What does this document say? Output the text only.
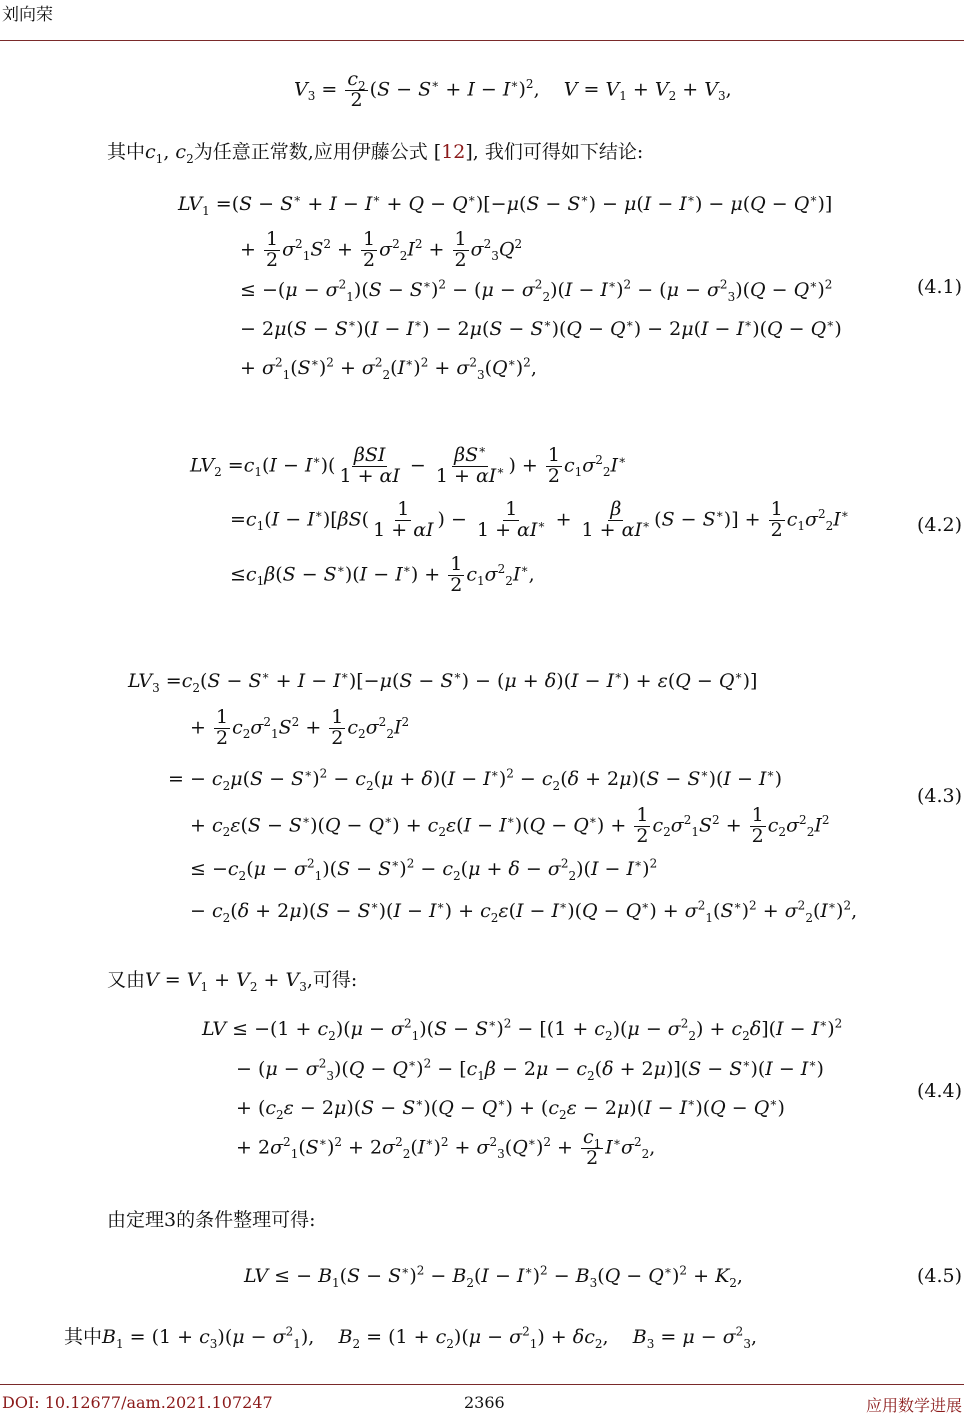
刘向荣
$V_3 = \frac{c_2}{2} (S - S^∗ + I - I^∗)^2$,    $V = V_1 + V_2 + V_3$,
其中$c_1$, $c_2$为任意正常数,应用伊藤公式 [12], 我们可得如下结论:
$LV_1 =(S - S^∗ + I - I^∗ + Q - Q^∗)[-\mu(S - S^∗) - \mu(I - I^∗) - \mu(Q - Q^∗)]$
+ $\frac{1}{2} \sigma^2_1S^2 + \frac{1}{2} \sigma^2_2I^2 + \frac{1}{2} \sigma^2_3Q^2$
≤ $-(\mu - \sigma^2_1)(S - S^∗)^2 - (\mu - \sigma^2_2)(I - I^∗)^2 - (\mu - \sigma^2_3)(Q - Q^∗)^2$
− 2μ(S − S∗)(I − I∗) − 2μ(S − S∗)(Q − Q∗) − 2μ(I − I∗)(Q − Q∗)
+ $\sigma^2_1(S^∗)^2 + \sigma^2_2(I^∗)^2 + \sigma^2_3(Q^∗)^2$,
(4.1)
$LV_2 =c_1(I - I^∗)( \frac{\text{βSI}}{1 + \alpha I} - \frac{\beta S^∗}{1 + \alpha I^∗}$ ) + $\frac{1}{2} c_1\sigma^2_2I^∗$
$=c_1(I - I^∗)[\beta S( \frac{1}{1 + \alpha I}$ ) − $\frac{1}{1 + \alpha I^∗} + \frac{\beta}{1 + \alpha I^∗} (S - S^∗)] + \frac{1}{2} c_1\sigma^2_2I^∗$
$\le c_1\beta(S - S^∗)(I - I^∗) + \frac{1}{2} c_1\sigma^2_2I^∗$,
(4.2)
$LV_3 =c_2(S - S^∗ + I - I^∗)[-\mu(S - S^∗) - (\mu + \delta)(I - I^∗) + \varepsilon(Q - Q^∗)]$
+ $\frac{1}{2} c_2\sigma^2_1S^2 + \frac{1}{2} c_2\sigma^2_2I^2$
= − $c_2\mu(S - S^∗)^2 - c_2(\mu + \delta)(I - I^∗)^2 - c_2(\delta + 2\mu)(S - S^∗)(I - I^∗)$
+ $c_2\varepsilon(S - S^∗)(Q - Q^∗) + c_2\varepsilon(I - I^∗)(Q - Q^∗) + \frac{1}{2} c_2\sigma^2_1S^2 + \frac{1}{2} c_2\sigma^2_2I^2$
≤ $-c_2(\mu - \sigma^2_1)(S - S^∗)^2 - c_2(\mu + \delta - \sigma^2_2)(I - I^∗)^2$
− $c_2(\delta + 2\mu)(S - S^∗)(I - I^∗) + c_2\varepsilon(I - I^∗)(Q - Q^∗) + \sigma^2_1(S^∗)^2 + \sigma^2_2(I^∗)^2$,
(4.3)
又由$V = V_1 + V_2 + V_3$,可得:
LV ≤ $-(1 + c_2)(\mu - \sigma^2_1)(S - S^∗)^2 - [(1 + c_2)(\mu - \sigma^2_2) + c_2\delta](I - I^∗)^2$
− $(\mu - \sigma^2_3)(Q - Q^∗)^2 - [c_1\beta - 2\mu - c_2(\delta + 2\mu)](S - S^∗)(I - I^∗)$
+ $(c_2\varepsilon - 2\mu)(S - S^∗)(Q - Q^∗) + (c_2\varepsilon - 2\mu)(I - I^∗)(Q - Q^∗)$
+ $2\sigma^2_1(S^∗)^2 + 2\sigma^2_2(I^∗)^2 + \sigma^2_3(Q^∗)^2 + \frac{c_1}{2} I^∗\sigma^2_2$,
(4.4)
由定理3的条件整理可得:
LV ≤ − $B_1(S - S^∗)^2 - B_2(I - I^∗)^2 - B_3(Q - Q^∗)^2 + K_2$,	(4.5)
其中$B_1 = (1 + c_3)(\mu - \sigma^2_1)$,    $B_2 = (1 + c_2)(\mu - \sigma^2_1) + \delta c_2$,    $B_3 = \mu - \sigma^2_3$,
DOI: 10.12677/aam.2021.107247	2366	应用数学进展
